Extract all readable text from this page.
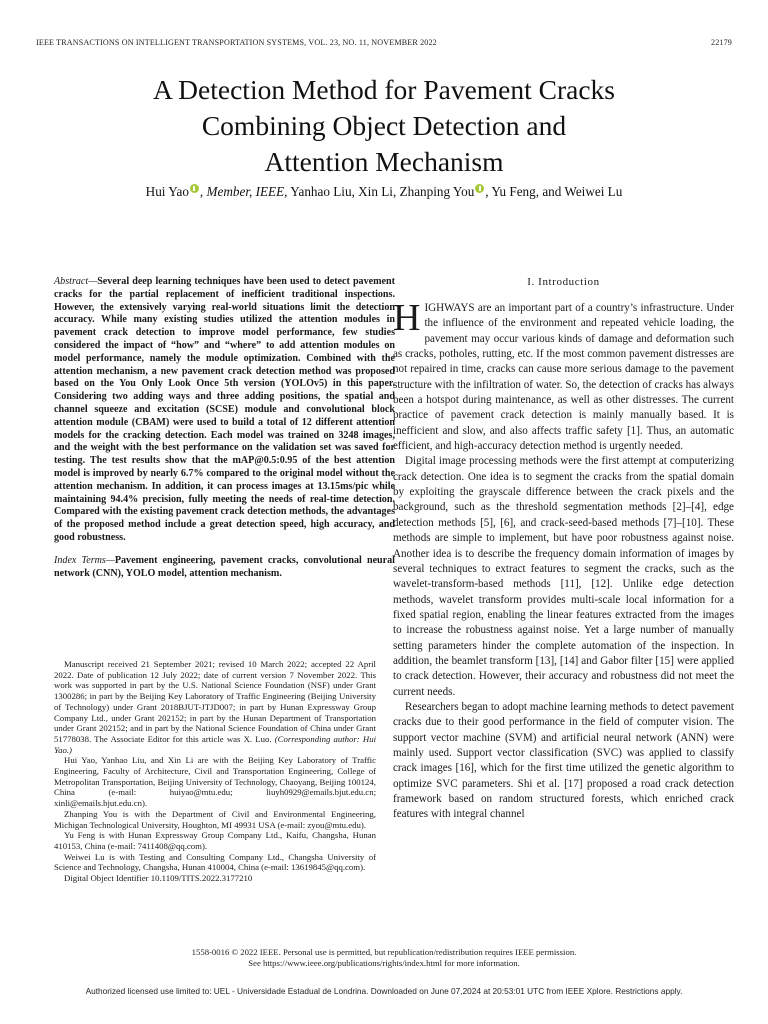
IEEE TRANSACTIONS ON INTELLIGENT TRANSPORTATION SYSTEMS, VOL. 23, NO. 11, NOVEMBER 2022	22179
A Detection Method for Pavement Cracks
Combining Object Detection and
Attention Mechanism
Hui Yao , Member, IEEE, Yanhao Liu, Xin Li, Zhanping You , Yu Feng, and Weiwei Lu

Abstract—Several deep learning techniques have been used to detect pavement cracks for the partial replacement of inefficient traditional inspections. However, the extensively varying real-world situations limit the detection accuracy. While many existing studies utilized the attention modules in pavement crack detection to improve model performance, few studies considered the impact of “how” and “where” to add attention modules on model performance, namely the module optimization. Combined with the attention mechanism, a new pavement crack detection method was proposed based on the You Only Look Once 5th version (YOLOv5) in this paper. Considering two adding ways and three adding positions, the spatial and channel squeeze and excitation (SCSE) module and convolutional block attention module (CBAM) were used to build a total of 12 different attention models for the cracking detection. Each model was trained on 3248 images, and the weight with the best performance on the validation set was saved for testing. The test results show that the mAP@0.5:0.95 of the best attention model is improved by nearly 6.7% compared to the original model without the attention mechanism. In addition, it can process images at 13.15ms/pic while maintaining 94.4% precision, fully meeting the needs of real-time detection. Compared with the existing pavement crack detection methods, the advantages of the proposed method include a great detection speed, high accuracy, and good robustness.

Index Terms—Pavement engineering, pavement cracks, convolutional neural network (CNN), YOLO model, attention mechanism.

Manuscript received 21 September 2021; revised 10 March 2022; accepted 22 April 2022. Date of publication 12 July 2022; date of current version 7 November 2022. This work was supported in part by the U.S. National Science Foundation (NSF) under Grant 1300286; in part by the Beijing Key Laboratory of Traffic Engineering (Beijing University of Technology) under Grant 2018BJUT-JTJD007; in part by Hunan Expressway Group Company Ltd., under Grant 202152; in part by the Hunan Department of Transportation under Grant 202152; and in part by the National Science Foundation of China under Grant 51778038. The Associate Editor for this article was X. Luo. (Corresponding author: Hui Yao.)

Hui Yao, Yanhao Liu, and Xin Li are with the Beijing Key Laboratory of Traffic Engineering, Faculty of Architecture, Civil and Transportation Engineering, College of Metropolitan Transportation, Beijing University of Technology, Chaoyang, Beijing 100124, China (e-mail: huiyao@mtu.edu; liuyh0929@emails.bjut.edu.cn; xinli@emails.bjut.edu.cn).

Zhanping You is with the Department of Civil and Environmental Engineering, Michigan Technological University, Houghton, MI 49931 USA (e-mail: zyou@mtu.edu).

Yu Feng is with Hunan Expressway Group Company Ltd., Kaifu, Changsha, Hunan 410153, China (e-mail: 7411408@qq.com).

Weiwei Lu is with Testing and Consulting Company Ltd., Changsha University of Science and Technology, Changsha, Hunan 410004, China (e-mail: 13619845@qq.com).

Digital Object Identifier 10.1109/TITS.2022.3177210

I. Introduction

HIGHWAYS are an important part of a country’s infrastructure. Under the influence of the environment and repeated vehicle loading, the pavement may occur various kinds of damage and deformation such as cracks, potholes, rutting, etc. If the most common pavement distresses are not repaired in time, cracks can cause more serious damage to the pavement structure with the infiltration of water. So, the detection of cracks has always been a hotspot during maintenance, as well as other distresses. The current practice of pavement crack detection is mainly manually based. It is inefficient and slow, and also affects traffic safety [1]. Thus, an automatic efficient, and high-accuracy detection method is urgently needed.

Digital image processing methods were the first attempt at computerizing crack detection. One idea is to segment the cracks from the spatial domain by exploiting the grayscale difference between the crack pixels and the background, such as the threshold segmentation methods [2]–[4], edge detection methods [5], [6], and crack-seed-based methods [7]–[10]. These methods are simple to implement, but have poor robustness against noise. Another idea is to describe the frequency domain information of images by several techniques to extract features to segment the cracks, such as the wavelet-transform-based methods [11], [12]. Unlike edge detection methods, wavelet transform provides multi-scale local information for a fixed spatial region, enabling the linear features extracted from the images to increase the robustness against noise. Yet a large number of manually setting parameters hinder the complete automation of the inspection. In addition, the beamlet transform [13], [14] and Gabor filter [15] were applied to crack detection. However, their accuracy and robustness did not meet the current needs.

Researchers began to adopt machine learning methods to detect pavement cracks due to their good performance in the field of computer vision. The support vector machine (SVM) and artificial neural network (ANN) were mainly used. Support vector classification (SVC) was applied to classify crack images [16], which for the first time utilized the genetic algorithm to optimize SVC parameters. Shi et al. [17] proposed a road crack detection framework based on random structured forests, which enriched crack features with integral channel

1558-0016 © 2022 IEEE. Personal use is permitted, but republication/redistribution requires IEEE permission.
See https://www.ieee.org/publications/rights/index.html for more information.
Authorized licensed use limited to: UEL - Universidade Estadual de Londrina. Downloaded on June 07,2024 at 20:53:01 UTC from IEEE Xplore. Restrictions apply.
